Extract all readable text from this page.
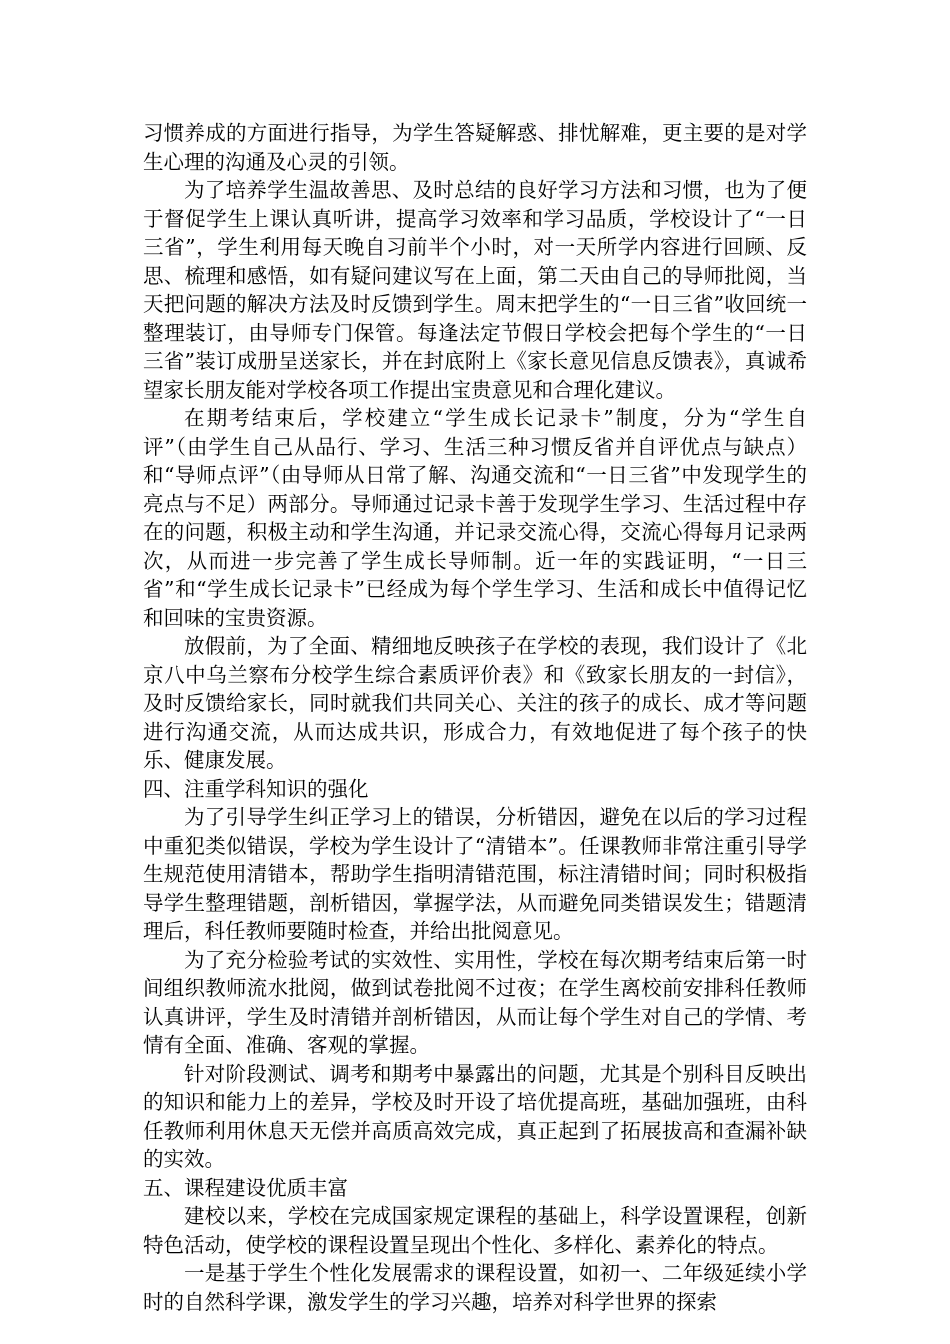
习惯养成的方面进行指导，为学生答疑解惑、排忧解难，更主要的是对学生心理的沟通及心灵的引领。

为了培养学生温故善思、及时总结的良好学习方法和习惯，也为了便于督促学生上课认真听讲，提高学习效率和学习品质，学校设计了“一日三省”，学生利用每天晚自习前半个小时，对一天所学内容进行回顾、反思、梳理和感悟，如有疑问建议写在上面，第二天由自己的导师批阅，当天把问题的解决方法及时反馈到学生。周末把学生的“一日三省”收回统一整理装订，由导师专门保管。每逢法定节假日学校会把每个学生的“一日三省”装订成册呈送家长，并在封底附上《家长意见信息反馈表》，真诚希望家长朋友能对学校各项工作提出宝贵意见和合理化建议。

在期考结束后，学校建立“学生成长记录卡”制度，分为“学生自评”（由学生自己从品行、学习、生活三种习惯反省并自评优点与缺点）和“导师点评”（由导师从日常了解、沟通交流和“一日三省”中发现学生的亮点与不足）两部分。导师通过记录卡善于发现学生学习、生活过程中存在的问题，积极主动和学生沟通，并记录交流心得，交流心得每月记录两次，从而进一步完善了学生成长导师制。近一年的实践证明，“一日三省”和“学生成长记录卡”已经成为每个学生学习、生活和成长中值得记忆和回味的宝贵资源。

放假前，为了全面、精细地反映孩子在学校的表现，我们设计了《北京八中乌兰察布分校学生综合素质评价表》和《致家长朋友的一封信》，及时反馈给家长，同时就我们共同关心、关注的孩子的成长、成才等问题进行沟通交流，从而达成共识，形成合力，有效地促进了每个孩子的快乐、健康发展。

四、注重学科知识的强化

为了引导学生纠正学习上的错误，分析错因，避免在以后的学习过程中重犯类似错误，学校为学生设计了“清错本”。任课教师非常注重引导学生规范使用清错本，帮助学生指明清错范围，标注清错时间；同时积极指导学生整理错题，剖析错因，掌握学法，从而避免同类错误发生；错题清理后，科任教师要随时检查，并给出批阅意见。

为了充分检验考试的实效性、实用性，学校在每次期考结束后第一时间组织教师流水批阅，做到试卷批阅不过夜；在学生离校前安排科任教师认真讲评，学生及时清错并剖析错因，从而让每个学生对自己的学情、考情有全面、准确、客观的掌握。

针对阶段测试、调考和期考中暴露出的问题，尤其是个别科目反映出的知识和能力上的差异，学校及时开设了培优提高班，基础加强班，由科任教师利用休息天无偿并高质高效完成，真正起到了拓展拔高和查漏补缺的实效。

五、课程建设优质丰富

建校以来，学校在完成国家规定课程的基础上，科学设置课程，创新特色活动，使学校的课程设置呈现出个性化、多样化、素养化的特点。

一是基于学生个性化发展需求的课程设置，如初一、二年级延续小学时的自然科学课，激发学生的学习兴趣，培养对科学世界的探索
